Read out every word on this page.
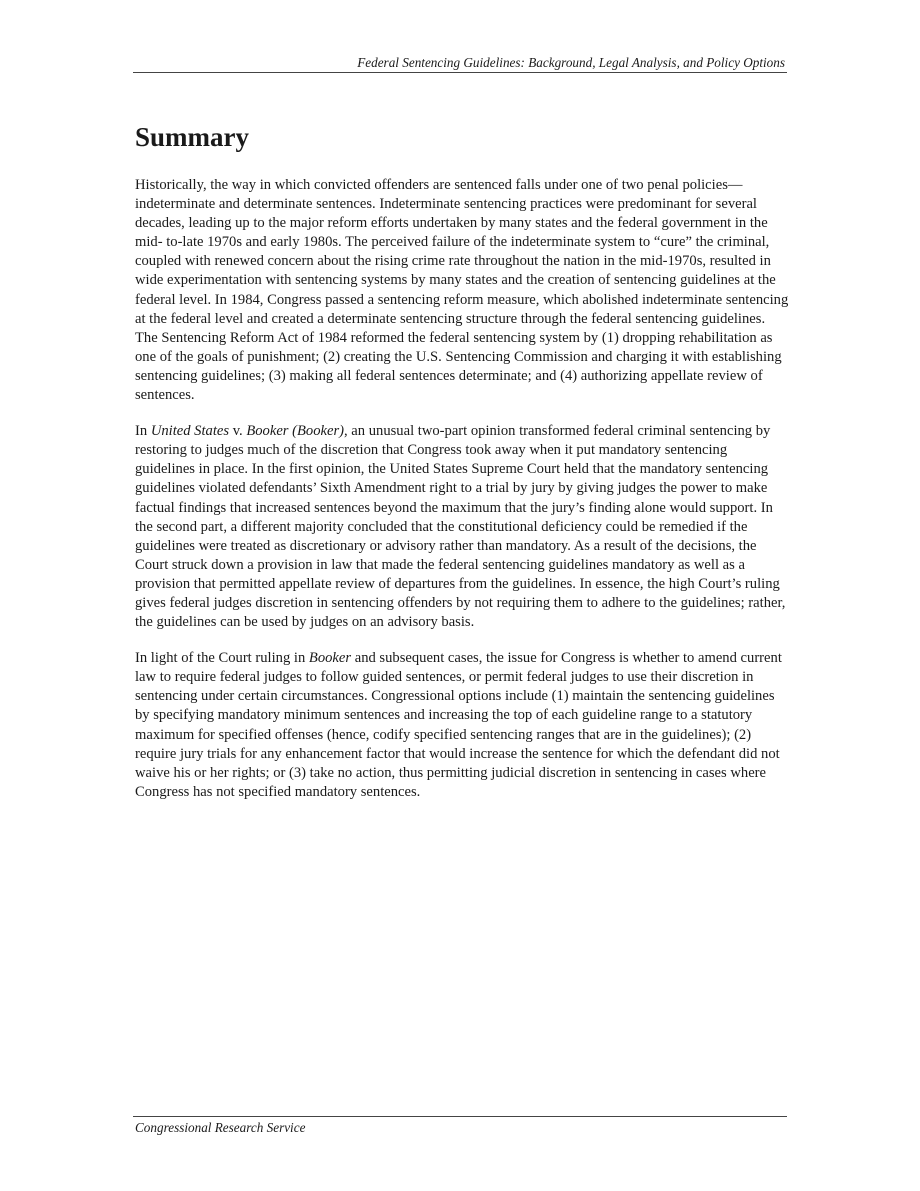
Federal Sentencing Guidelines: Background, Legal Analysis, and Policy Options
Summary

Historically, the way in which convicted offenders are sentenced falls under one of two penal policies—indeterminate and determinate sentences. Indeterminate sentencing practices were predominant for several decades, leading up to the major reform efforts undertaken by many states and the federal government in the mid- to-late 1970s and early 1980s. The perceived failure of the indeterminate system to “cure” the criminal, coupled with renewed concern about the rising crime rate throughout the nation in the mid-1970s, resulted in wide experimentation with sentencing systems by many states and the creation of sentencing guidelines at the federal level. In 1984, Congress passed a sentencing reform measure, which abolished indeterminate sentencing at the federal level and created a determinate sentencing structure through the federal sentencing guidelines. The Sentencing Reform Act of 1984 reformed the federal sentencing system by (1) dropping rehabilitation as one of the goals of punishment; (2) creating the U.S. Sentencing Commission and charging it with establishing sentencing guidelines; (3) making all federal sentences determinate; and (4) authorizing appellate review of sentences.

In United States v. Booker (Booker), an unusual two-part opinion transformed federal criminal sentencing by restoring to judges much of the discretion that Congress took away when it put mandatory sentencing guidelines in place. In the first opinion, the United States Supreme Court held that the mandatory sentencing guidelines violated defendants’ Sixth Amendment right to a trial by jury by giving judges the power to make factual findings that increased sentences beyond the maximum that the jury’s finding alone would support. In the second part, a different majority concluded that the constitutional deficiency could be remedied if the guidelines were treated as discretionary or advisory rather than mandatory. As a result of the decisions, the Court struck down a provision in law that made the federal sentencing guidelines mandatory as well as a provision that permitted appellate review of departures from the guidelines. In essence, the high Court’s ruling gives federal judges discretion in sentencing offenders by not requiring them to adhere to the guidelines; rather, the guidelines can be used by judges on an advisory basis.

In light of the Court ruling in Booker and subsequent cases, the issue for Congress is whether to amend current law to require federal judges to follow guided sentences, or permit federal judges to use their discretion in sentencing under certain circumstances. Congressional options include (1) maintain the sentencing guidelines by specifying mandatory minimum sentences and increasing the top of each guideline range to a statutory maximum for specified offenses (hence, codify specified sentencing ranges that are in the guidelines); (2) require jury trials for any enhancement factor that would increase the sentence for which the defendant did not waive his or her rights; or (3) take no action, thus permitting judicial discretion in sentencing in cases where Congress has not specified mandatory sentences.

Congressional Research Service
